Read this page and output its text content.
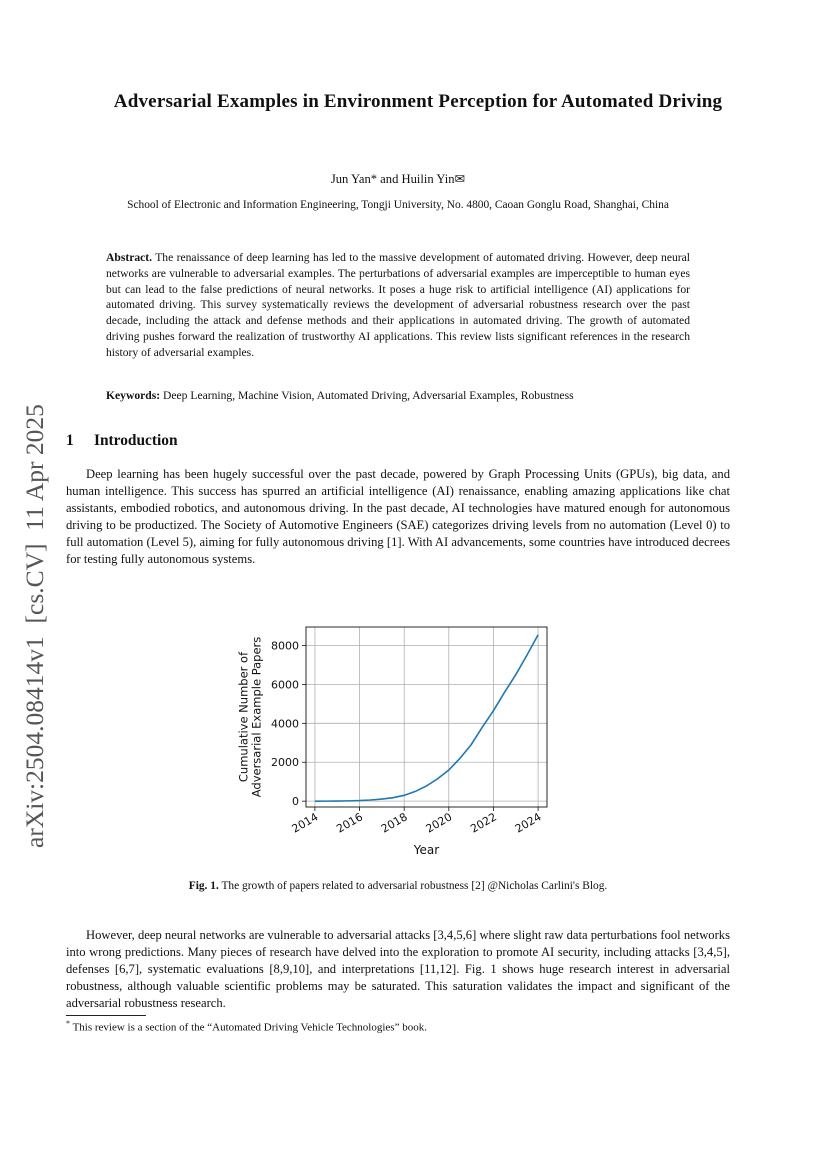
arXiv:2504.08414v1  [cs.CV]  11 Apr 2025
Adversarial Examples in Environment Perception for Automated Driving
Jun Yan* and Huilin Yin✉
School of Electronic and Information Engineering, Tongji University, No. 4800, Caoan Gonglu Road, Shanghai, China
Abstract. The renaissance of deep learning has led to the massive development of automated driving. However, deep neural networks are vulnerable to adversarial examples. The perturbations of adversarial examples are imperceptible to human eyes but can lead to the false predictions of neural networks. It poses a huge risk to artificial intelligence (AI) applications for automated driving. This survey systematically reviews the development of adversarial robustness research over the past decade, including the attack and defense methods and their applications in automated driving. The growth of automated driving pushes forward the realization of trustworthy AI applications. This review lists significant references in the research history of adversarial examples.
Keywords: Deep Learning, Machine Vision, Automated Driving, Adversarial Examples, Robustness
1 Introduction
Deep learning has been hugely successful over the past decade, powered by Graph Processing Units (GPUs), big data, and human intelligence. This success has spurred an artificial intelligence (AI) renaissance, enabling amazing applications like chat assistants, embodied robotics, and autonomous driving. In the past decade, AI technologies have matured enough for autonomous driving to be productized. The Society of Automotive Engineers (SAE) categorizes driving levels from no automation (Level 0) to full automation (Level 5), aiming for fully autonomous driving [1]. With AI advancements, some countries have introduced decrees for testing fully autonomous systems.
2014 2016 2018 2020 2022 2024
0
2000
4000
6000
8000
Year
Cumulative Number ofAdversarial Example Papers
Fig. 1. The growth of papers related to adversarial robustness [2] @Nicholas Carlini's Blog.
However, deep neural networks are vulnerable to adversarial attacks [3,4,5,6] where slight raw data perturbations fool networks into wrong predictions. Many pieces of research have delved into the exploration to promote AI security, including attacks [3,4,5], defenses [6,7], systematic evaluations [8,9,10], and interpretations [11,12]. Fig. 1 shows huge research interest in adversarial robustness, although valuable scientific problems may be saturated. This saturation validates the impact and significant of the adversarial robustness research.
* This review is a section of the “Automated Driving Vehicle Technologies” book.
